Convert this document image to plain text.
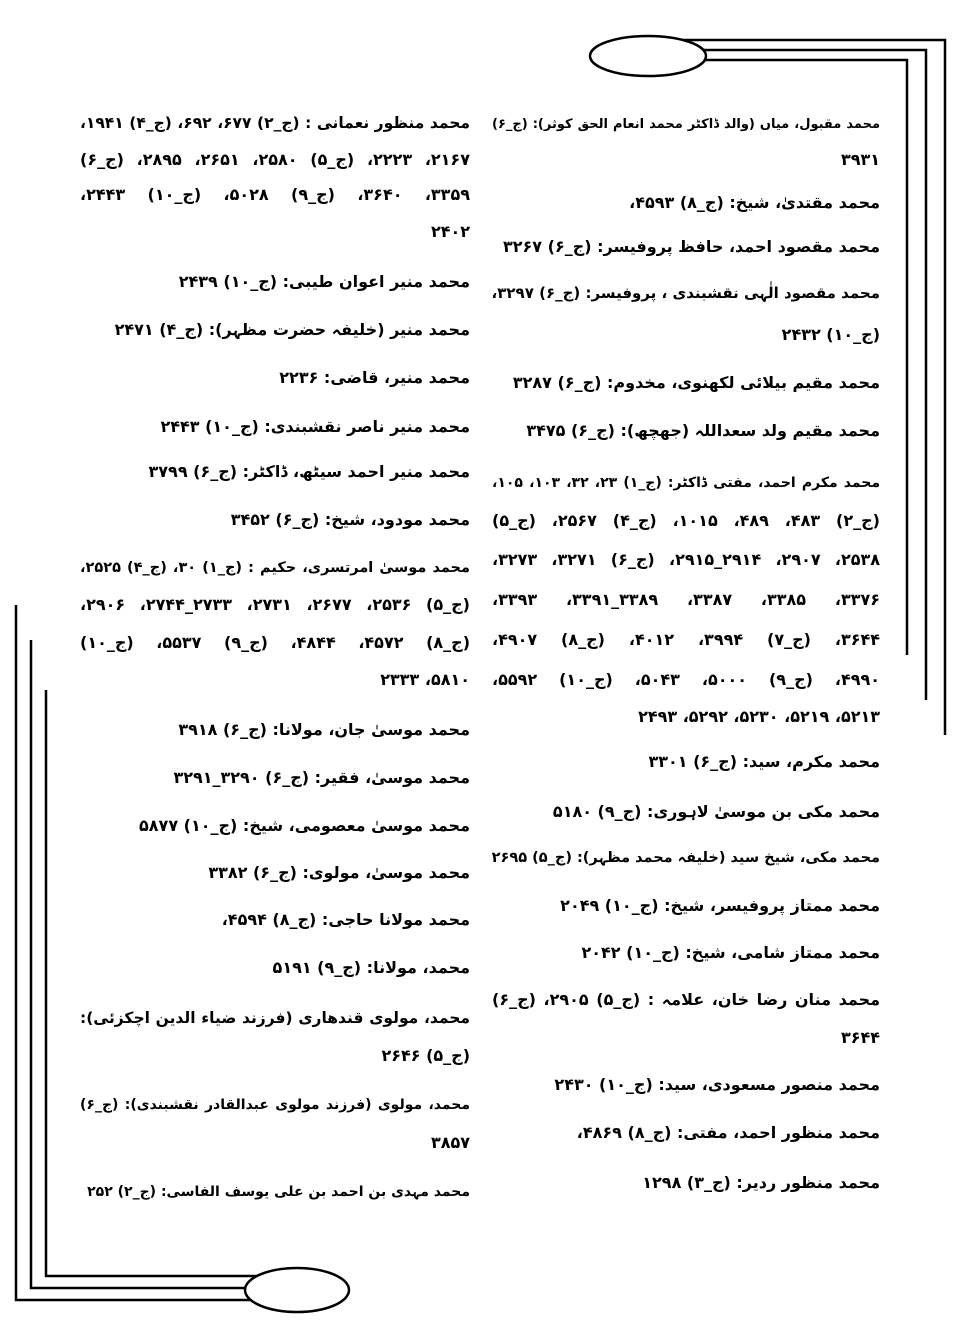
محمد مقبول، میاں (والد ڈاکٹر محمد انعام الحق کوثر): (ج_۶)
۳۹۳۱
محمد مقتدیٰ، شیخ: (ج_۸) ۴۵۹۳،
محمد مقصود احمد، حافظ پروفیسر: (ج_۶) ۳۲۶۷
محمد مقصود الٰہی نقشبندی ، پروفیسر: (ج_۶) ۳۲۹۷،
(ج_۱۰) ۲۴۳۲
محمد مقیم بیلائی لکھنوی، مخدوم: (ج_۶) ۳۲۸۷
محمد مقیم ولد سعداللہ (جھچھ): (ج_۶) ۳۴۷۵
محمد مکرم احمد، مفتی ڈاکٹر: (ج_۱) ۲۳، ۳۲، ۱۰۳، ۱۰۵،
(ج_۲) ۴۸۳، ۴۸۹، ۱۰۱۵، (ج_۴) ۲۵۶۷، (ج_۵)
۲۵۳۸، ۲۹۰۷، ۲۹۱۴_۲۹۱۵، (ج_۶) ۳۲۷۱، ۳۲۷۳،
۳۳۷۶، ۳۳۸۵، ۳۳۸۷، ۳۳۸۹_۳۳۹۱، ۳۳۹۳،
۳۶۴۴، (ج_۷) ۳۹۹۴، ۴۰۱۲، (ج_۸) ۴۹۰۷،
۴۹۹۰، (ج_۹) ۵۰۰۰، ۵۰۴۳، (ج_۱۰) ۵۵۹۲،
۵۲۱۳، ۵۲۱۹، ۵۲۳۰، ۵۲۹۲، ۲۴۹۳
محمد مکرم، سید: (ج_۶) ۳۳۰۱
محمد مکی بن موسیٰ لاہوری: (ج_۹) ۵۱۸۰
محمد مکی، شیخ سید (خلیفہ محمد مظہر): (ج_۵) ۲۶۹۵
محمد ممتاز پروفیسر، شیخ: (ج_۱۰) ۲۰۴۹
محمد ممتاز شامی، شیخ: (ج_۱۰) ۲۰۴۲
محمد منان رضا خان، علامہ : (ج_۵) ۲۹۰۵، (ج_۶)
۳۶۴۴
محمد منصور مسعودی، سید: (ج_۱۰) ۲۴۳۰
محمد منظور احمد، مفتی: (ج_۸) ۴۸۶۹،
محمد منظور ردیر: (ج_۳) ۱۲۹۸
محمد منظور نعمانی : (ج_۲) ۶۷۷، ۶۹۲، (ج_۴) ۱۹۴۱،
۲۱۶۷، ۲۲۲۳، (ج_۵) ۲۵۸۰، ۲۶۵۱، ۲۸۹۵، (ج_۶)
۳۳۵۹، ۳۶۴۰، (ج_۹) ۵۰۲۸، (ج_۱۰) ۲۴۴۳،
۲۴۰۲
محمد منیر اعوان طیبی: (ج_۱۰) ۲۴۳۹
محمد منیر (خلیفہ حضرت مظہر): (ج_۴) ۲۴۷۱
محمد منیر، قاضی: ۲۲۳۶
محمد منیر ناصر نقشبندی: (ج_۱۰) ۲۴۴۳
محمد منیر احمد سیٹھ، ڈاکٹر: (ج_۶) ۳۷۹۹
محمد مودود، شیخ: (ج_۶) ۳۴۵۲
محمد موسیٰ امرتسری، حکیم : (ج_۱) ۳۰، (ج_۴) ۲۵۲۵،
(ج_۵) ۲۵۳۶، ۲۶۷۷، ۲۷۳۱، ۲۷۳۳_۲۷۴۴، ۲۹۰۶،
(ج_۸) ۴۵۷۲، ۴۸۴۴، (ج_۹) ۵۵۳۷، (ج_۱۰)
۵۸۱۰، ۲۳۳۳
محمد موسیٰ جان، مولانا: (ج_۶) ۳۹۱۸
محمد موسیٰ، فقیر: (ج_۶) ۳۲۹۰_۳۲۹۱
محمد موسیٰ معصومی، شیخ: (ج_۱۰) ۵۸۷۷
محمد موسیٰ، مولوی: (ج_۶) ۳۳۸۲
محمد مولانا حاجی: (ج_۸) ۴۵۹۴،
محمد، مولانا: (ج_۹) ۵۱۹۱
محمد، مولوی قندھاری (فرزند ضیاء الدین اچکزئی):
(ج_۵) ۲۶۴۶
محمد، مولوی (فرزند مولوی عبدالقادر نقشبندی): (ج_۶)
۳۸۵۷
محمد مہدی بن احمد بن علی یوسف الفاسی: (ج_۲) ۲۵۲
